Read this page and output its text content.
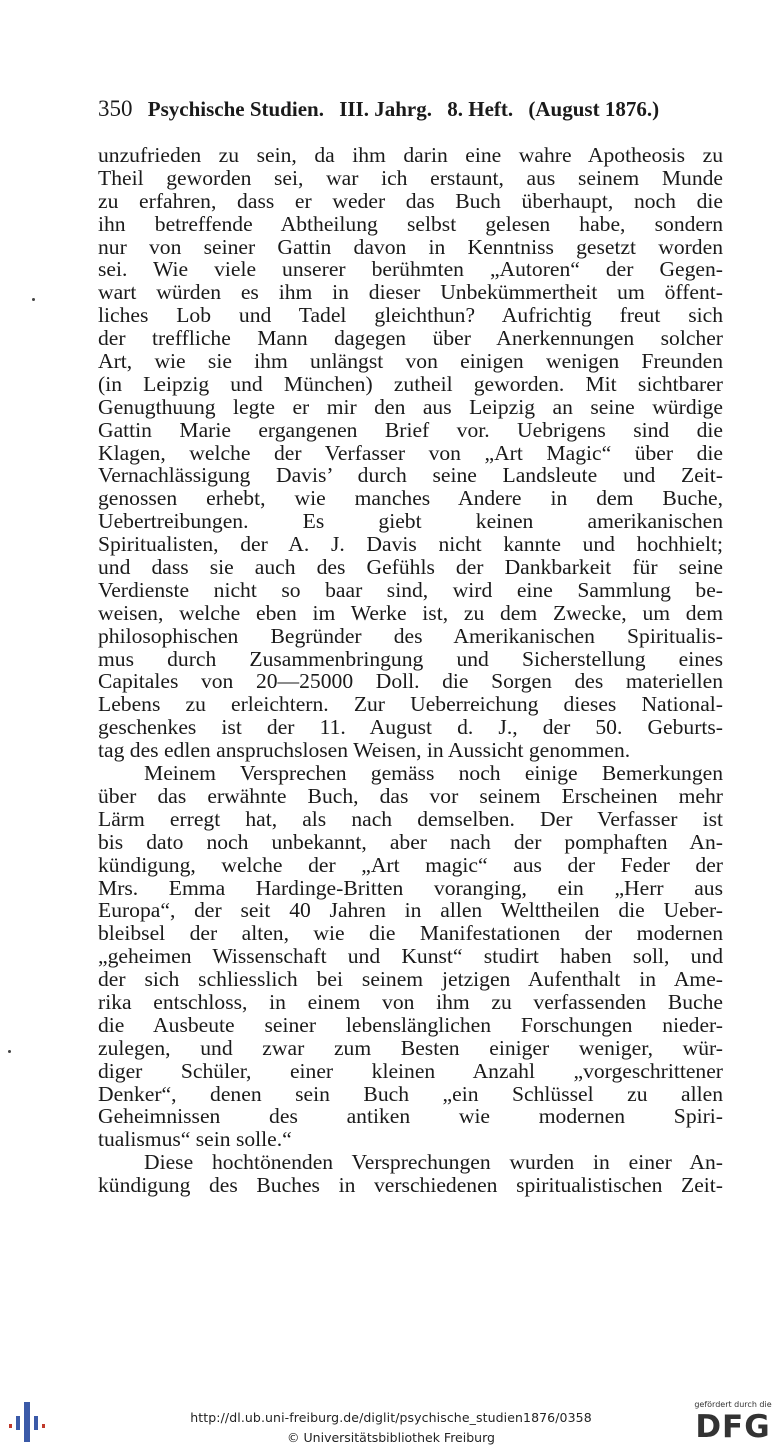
350 Psychische Studien. III. Jahrg. 8. Heft. (August 1876.)
unzufrieden zu sein, da ihm darin eine wahre Apotheosis zu
Theil geworden sei, war ich erstaunt, aus seinem Munde
zu erfahren, dass er weder das Buch überhaupt, noch die
ihn betreffende Abtheilung selbst gelesen habe, sondern
nur von seiner Gattin davon in Kenntniss gesetzt worden
sei. Wie viele unserer berühmten „Autoren“ der Gegen-
wart würden es ihm in dieser Unbekümmertheit um öffent-
liches Lob und Tadel gleichthun? Aufrichtig freut sich
der treffliche Mann dagegen über Anerkennungen solcher
Art, wie sie ihm unlängst von einigen wenigen Freunden
(in Leipzig und München) zutheil geworden. Mit sichtbarer
Genugthuung legte er mir den aus Leipzig an seine würdige
Gattin Marie ergangenen Brief vor. Uebrigens sind die
Klagen, welche der Verfasser von „Art Magic“ über die
Vernachlässigung Davis’ durch seine Landsleute und Zeit-
genossen erhebt, wie manches Andere in dem Buche,
Uebertreibungen. Es giebt keinen amerikanischen
Spiritualisten, der A. J. Davis nicht kannte und hochhielt;
und dass sie auch des Gefühls der Dankbarkeit für seine
Verdienste nicht so baar sind, wird eine Sammlung be-
weisen, welche eben im Werke ist, zu dem Zwecke, um dem
philosophischen Begründer des Amerikanischen Spiritualis-
mus durch Zusammenbringung und Sicherstellung eines
Capitales von 20—25000 Doll. die Sorgen des materiellen
Lebens zu erleichtern. Zur Ueberreichung dieses National-
geschenkes ist der 11. August d. J., der 50. Geburts-
tag des edlen anspruchslosen Weisen, in Aussicht genommen.
Meinem Versprechen gemäss noch einige Bemerkungen
über das erwähnte Buch, das vor seinem Erscheinen mehr
Lärm erregt hat, als nach demselben. Der Verfasser ist
bis dato noch unbekannt, aber nach der pomphaften An-
kündigung, welche der „Art magic“ aus der Feder der
Mrs. Emma Hardinge-Britten voranging, ein „Herr aus
Europa“, der seit 40 Jahren in allen Welttheilen die Ueber-
bleibsel der alten, wie die Manifestationen der modernen
„geheimen Wissenschaft und Kunst“ studirt haben soll, und
der sich schliesslich bei seinem jetzigen Aufenthalt in Ame-
rika entschloss, in einem von ihm zu verfassenden Buche
die Ausbeute seiner lebenslänglichen Forschungen nieder-
zulegen, und zwar zum Besten einiger weniger, wür-
diger Schüler, einer kleinen Anzahl „vorgeschrittener
Denker“, denen sein Buch „ein Schlüssel zu allen
Geheimnissen des antiken wie modernen Spiri-
tualismus“ sein solle.“
Diese hochtönenden Versprechungen wurden in einer An-
kündigung des Buches in verschiedenen spiritualistischen Zeit-
http://dl.ub.uni-freiburg.de/diglit/psychische_studien1876/0358
© Universitätsbibliothek Freiburg
gefördert durch die
DFG
